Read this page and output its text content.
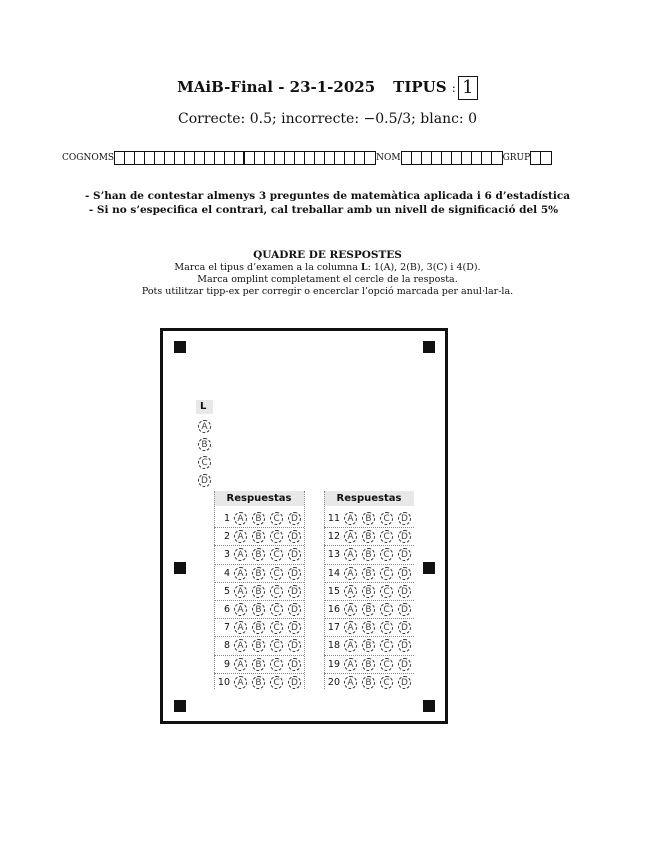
MAiB-Final - 23-1-2025 TIPUS : 1
Correcte: 0.5; incorrecte: −0.5/3; blanc: 0
COGNOMS	NOM	GRUP
- S’han de contestar almenys 3 preguntes de matemàtica aplicada i 6 d’estadística
- Si no s’especifica el contrari, cal treballar amb un nivell de significació del 5%
QUADRE DE RESPOSTES
Marca el tipus d’examen a la columna L: 1(A), 2(B), 3(C) i 4(D).
Marca omplint completament el cercle de la resposta.
Pots utilitzar tipp-ex per corregir o encerclar l’opció marcada per anul·lar-la.
L
Respuestas	Respuestas
A
B
C
D
1 A	B	C	D
2 A	B	C	D
3 A	B	C	D
4 A	B	C	D
5 A	B	C	D
6 A	B	C	D
7 A	B	C	D
8 A	B	C	D
9 A	B	C	D
10 A	B	C	D
11 A	B	C	D
12 A	B	C	D
13 A	B	C	D
14 A	B	C	D
15 A	B	C	D
16 A	B	C	D
17 A	B	C	D
18 A	B	C	D
19 A	B	C	D
20 A	B	C	D
